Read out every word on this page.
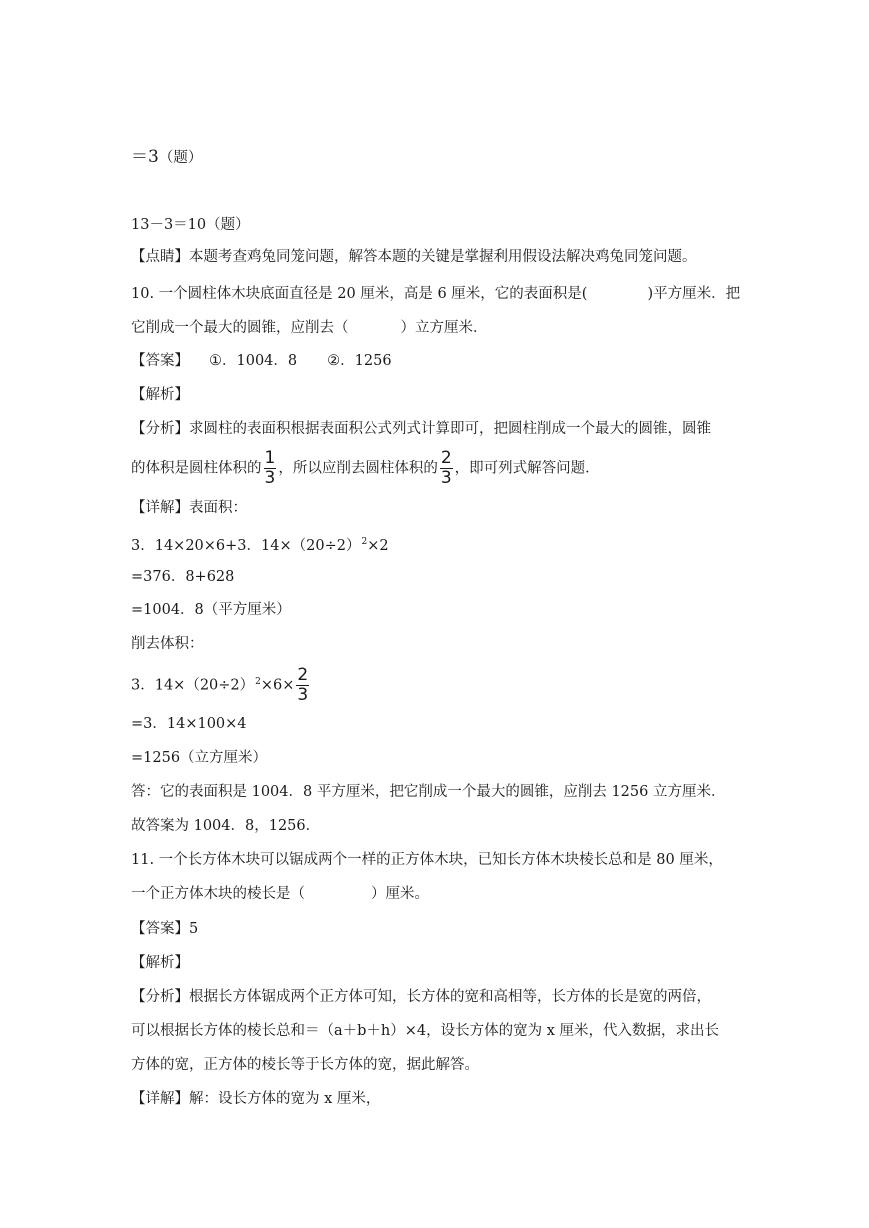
＝3（题）
13－3＝10（题）
【点睛】本题考查鸡兔同笼问题，解答本题的关键是掌握利用假设法解决鸡兔同笼问题。
10. 一个圆柱体木块底面直径是 20 厘米，高是 6 厘米，它的表面积是(	)平方厘米．把
它削成一个最大的圆锥，应削去（	）立方厘米．
【答案】 ①．1004．8 ②．1256
【解析】
【分析】求圆柱的表面积根据表面积公式列式计算即可，把圆柱削成一个最大的圆锥，圆锥
的体积是圆柱体积的 $\frac{1}{3}$ ，所以应削去圆柱体积的 $\frac{2}{3}$ ，即可列式解答问题．
【详解】表面积：
3．14×20×6+3．$14\times(20\div 2)^2\times 2$
=376．8+628
=1004．8（平方厘米）
削去体积：
3．$14\times(20\div 2)^2\times 6\times \frac{2}{3}$
=3．14×100×4
=1256（立方厘米）
答：它的表面积是 1004．8 平方厘米，把它削成一个最大的圆锥，应削去 1256 立方厘米．
故答案为 1004．8，1256．
11. 一个长方体木块可以锯成两个一样的正方体木块，已知长方体木块棱长总和是 80 厘米，
一个正方体木块的棱长是（	）厘米。
【答案】5
【解析】
【分析】根据长方体锯成两个正方体可知，长方体的宽和高相等，长方体的长是宽的两倍，
可以根据长方体的棱长总和＝（a＋b＋h）×4，设长方体的宽为 x 厘米，代入数据，求出长
方体的宽，正方体的棱长等于长方体的宽，据此解答。
【详解】解：设长方体的宽为 x 厘米，
